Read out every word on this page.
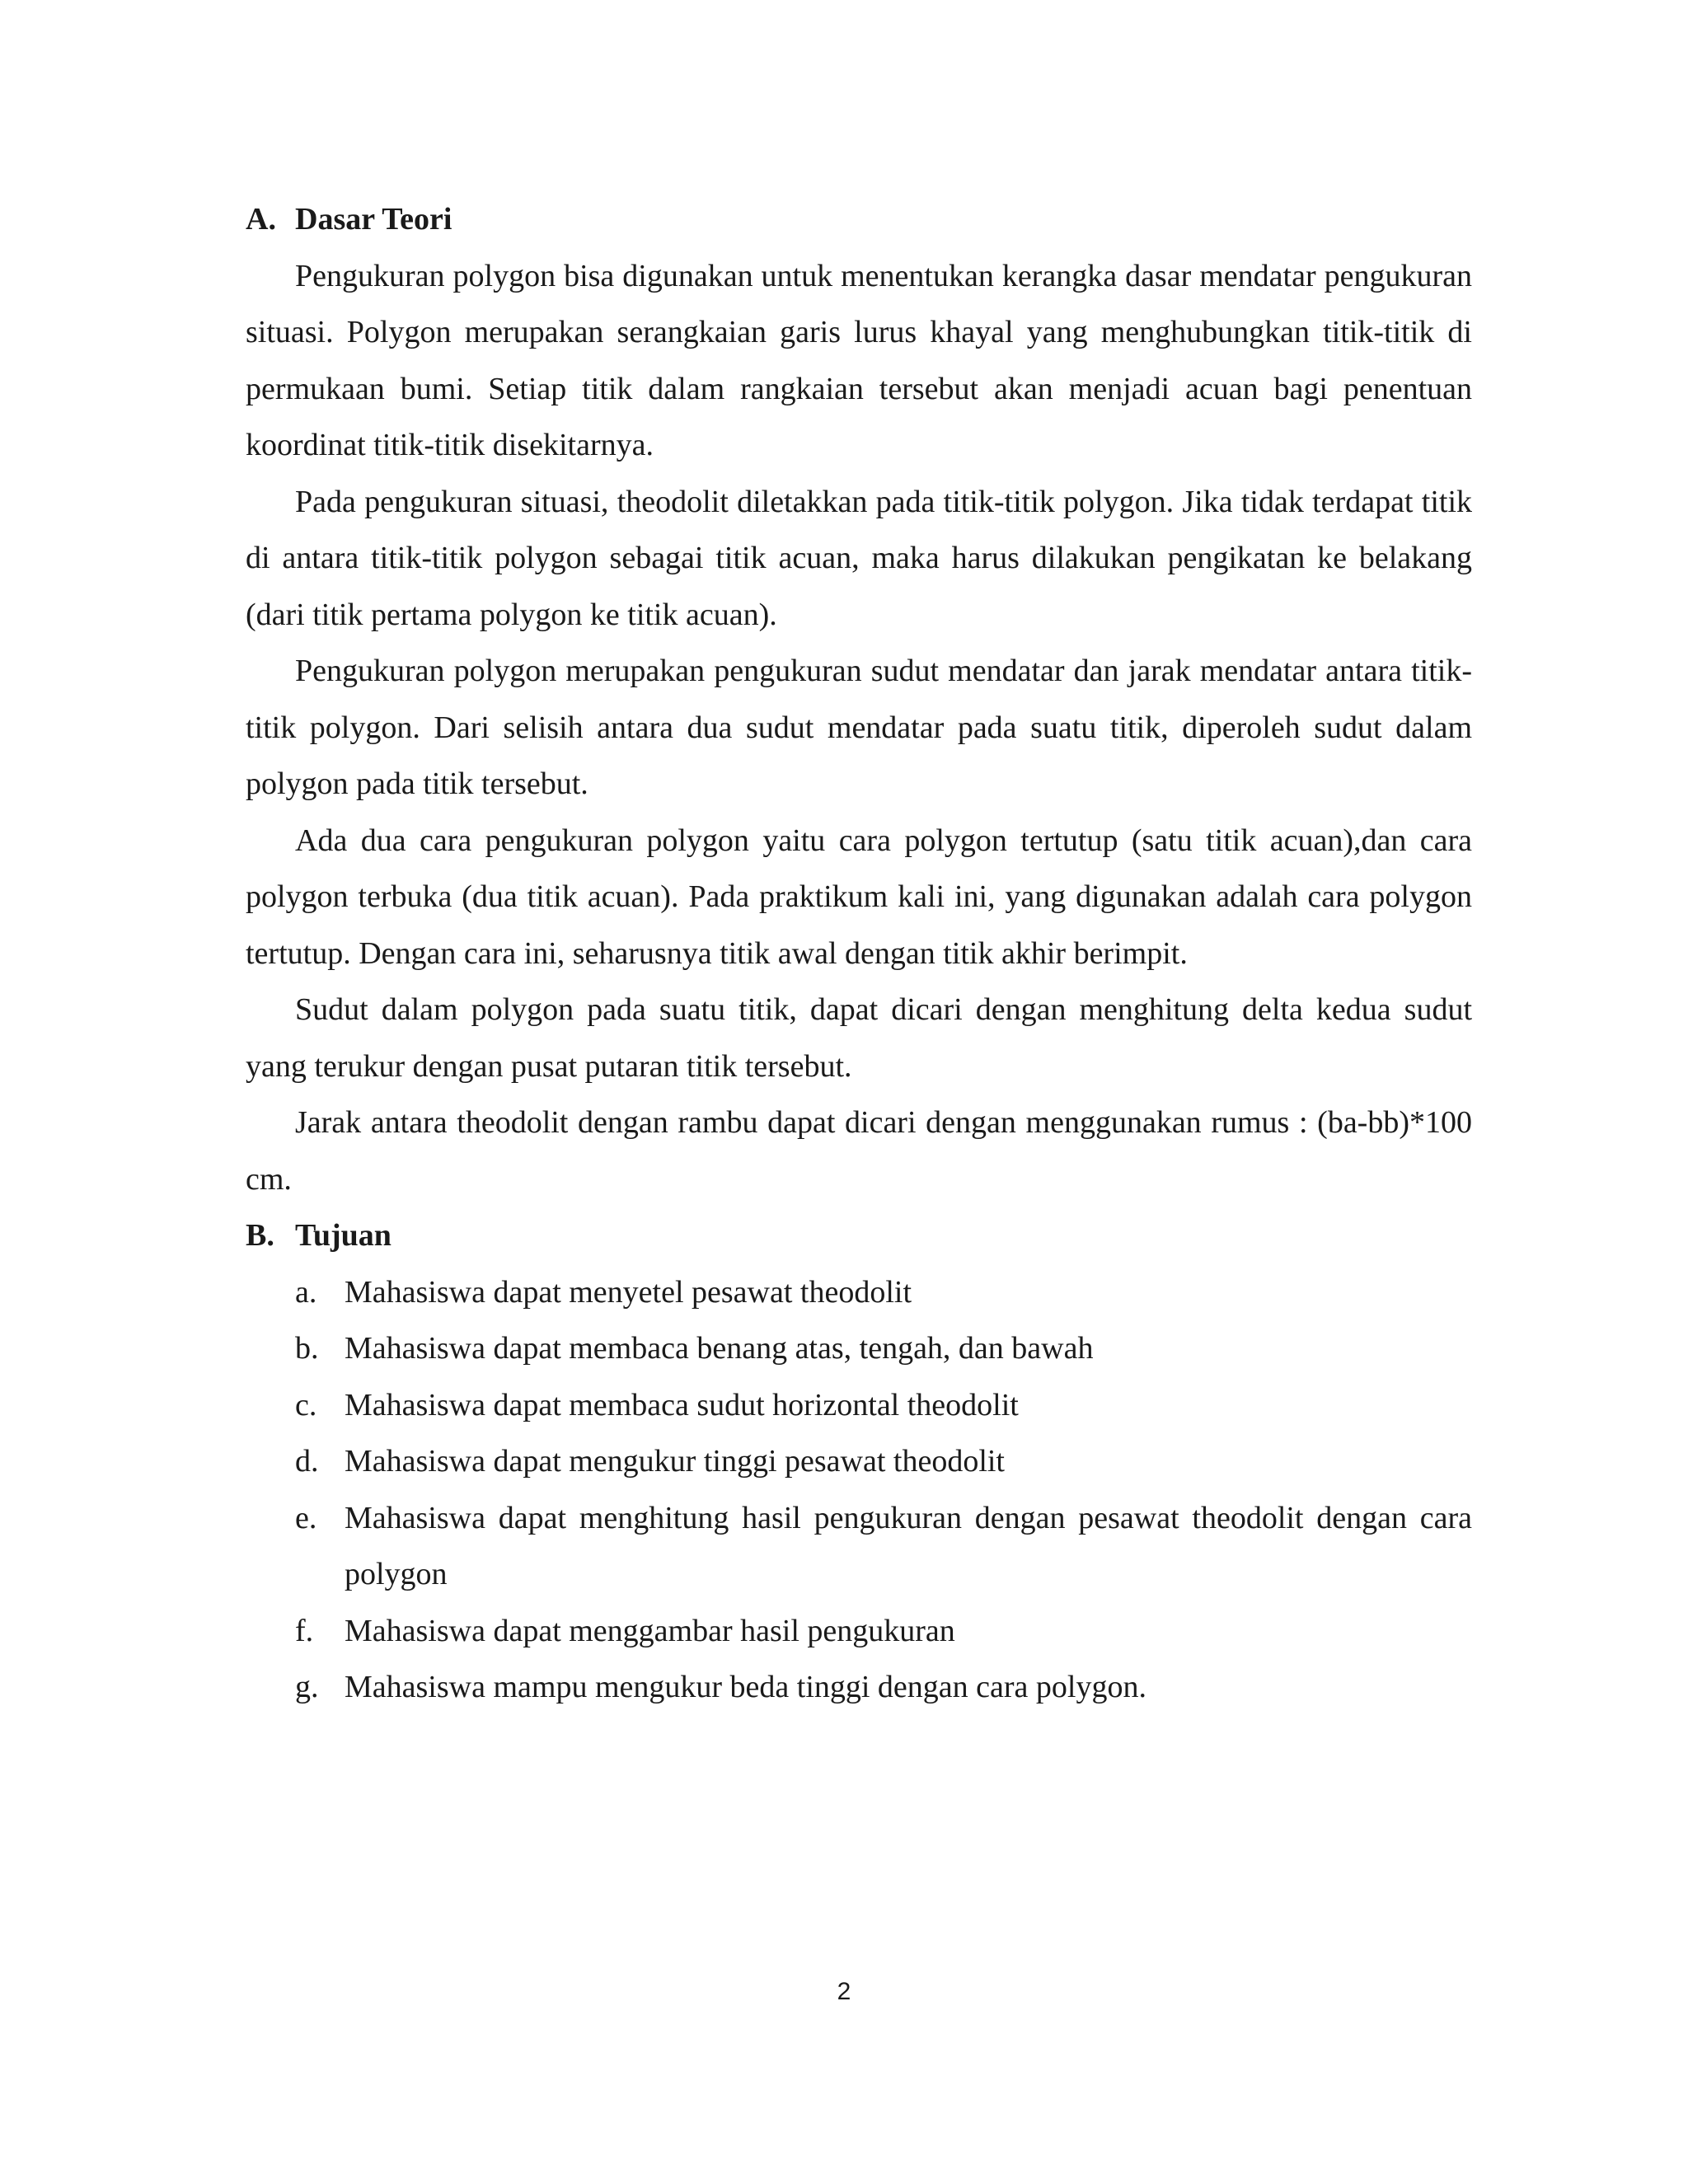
A. Dasar Teori

Pengukuran polygon bisa digunakan untuk menentukan kerangka dasar mendatar pengukuran situasi. Polygon merupakan serangkaian garis lurus khayal yang menghubungkan titik-titik di permukaan bumi. Setiap titik dalam rangkaian tersebut akan menjadi acuan bagi penentuan koordinat titik-titik disekitarnya.

Pada pengukuran situasi, theodolit diletakkan pada titik-titik polygon. Jika tidak terdapat titik di antara titik-titik polygon sebagai titik acuan, maka harus dilakukan pengikatan ke belakang (dari titik pertama polygon ke titik acuan).

Pengukuran polygon merupakan pengukuran sudut mendatar dan jarak mendatar antara titik-titik polygon. Dari selisih antara dua sudut mendatar pada suatu titik, diperoleh sudut dalam polygon pada titik tersebut.

Ada dua cara pengukuran polygon yaitu cara polygon tertutup (satu titik acuan),dan cara polygon terbuka (dua titik acuan). Pada praktikum kali ini, yang digunakan adalah cara polygon tertutup. Dengan cara ini, seharusnya titik awal dengan titik akhir berimpit.

Sudut dalam polygon pada suatu titik, dapat dicari dengan menghitung delta kedua sudut yang terukur dengan pusat putaran titik tersebut.

Jarak antara theodolit dengan rambu dapat dicari dengan menggunakan rumus : (ba-bb)*100 cm.

B. Tujuan
a. Mahasiswa dapat menyetel pesawat theodolit
b. Mahasiswa dapat membaca benang atas, tengah, dan bawah
c. Mahasiswa dapat membaca sudut horizontal theodolit
d. Mahasiswa dapat mengukur tinggi pesawat theodolit
e. Mahasiswa dapat menghitung hasil pengukuran dengan pesawat theodolit dengan cara polygon
f. Mahasiswa dapat menggambar hasil pengukuran
g. Mahasiswa mampu mengukur beda tinggi dengan cara polygon.
2
